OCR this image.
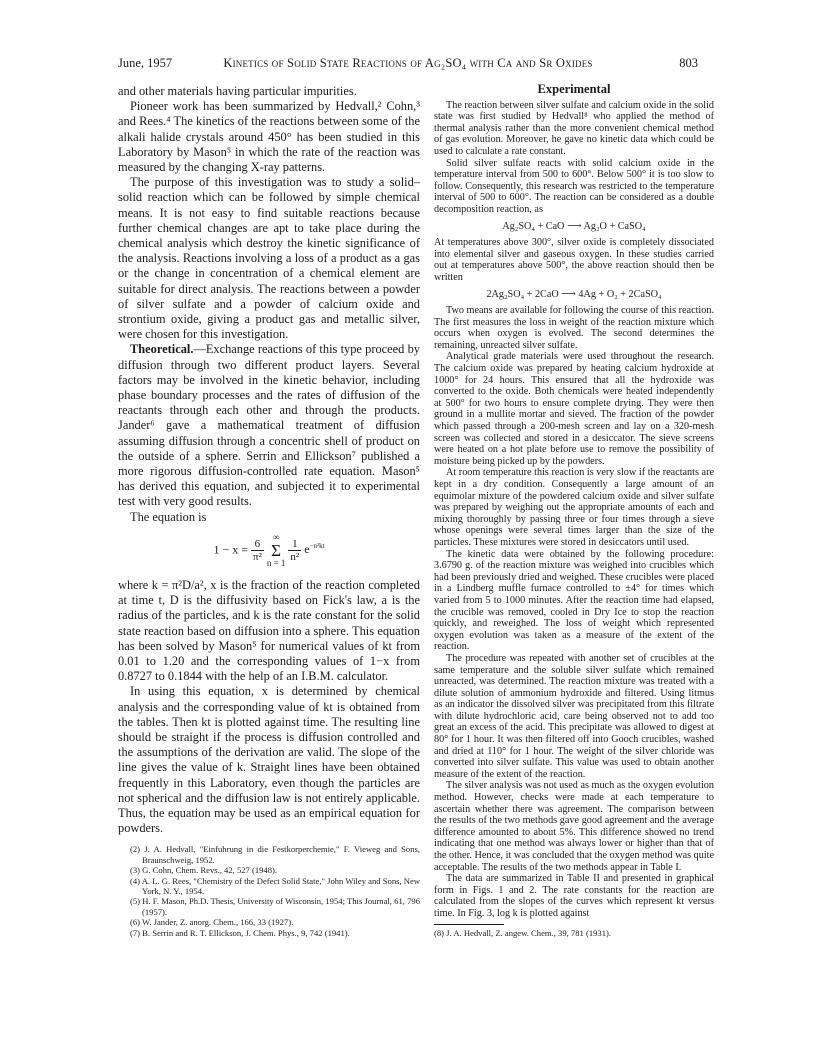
June, 1957	Kinetics of Solid State Reactions of Ag₂SO₄ with Ca and Sr Oxides	803

and other materials having particular impurities.

Pioneer work has been summarized by Hedvall,² Cohn,³ and Rees.⁴ The kinetics of the reactions between some of the alkali halide crystals around 450° has been studied in this Laboratory by Mason⁵ in which the rate of the reaction was measured by the changing X-ray patterns.

The purpose of this investigation was to study a solid–solid reaction which can be followed by simple chemical means. It is not easy to find suitable reactions because further chemical changes are apt to take place during the chemical analysis which destroy the kinetic significance of the analysis. Reactions involving a loss of a product as a gas or the change in concentration of a chemical element are suitable for direct analysis. The reactions between a powder of silver sulfate and a powder of calcium oxide and strontium oxide, giving a product gas and metallic silver, were chosen for this investigation.

Theoretical.—Exchange reactions of this type proceed by diffusion through two different product layers. Several factors may be involved in the kinetic behavior, including phase boundary processes and the rates of diffusion of the reactants through each other and through the products. Jander⁶ gave a mathematical treatment of diffusion assuming diffusion through a concentric shell of product on the outside of a sphere. Serrin and Ellickson⁷ published a more rigorous diffusion-controlled rate equation. Mason⁵ has derived this equation, and subjected it to experimental test with very good results.

The equation is

$1 - x = \frac{6}{\text{π²}}$

∞
Σ
n = 1
$\frac{1}{\text{n²}} e^{-n^2kt}$

where k = π²D/a², x is the fraction of the reaction completed at time t, D is the diffusivity based on Fick's law, a is the radius of the particles, and k is the rate constant for the solid state reaction based on diffusion into a sphere. This equation has been solved by Mason⁵ for numerical values of kt from 0.01 to 1.20 and the corresponding values of 1−x from 0.8727 to 0.1844 with the help of an I.B.M. calculator.

In using this equation, x is determined by chemical analysis and the corresponding value of kt is obtained from the tables. Then kt is plotted against time. The resulting line should be straight if the process is diffusion controlled and the assumptions of the derivation are valid. The slope of the line gives the value of k. Straight lines have been obtained frequently in this Laboratory, even though the particles are not spherical and the diffusion law is not entirely applicable. Thus, the equation may be used as an empirical equation for powders.

(2) J. A. Hedvall, "Einfuhrung in die Festkorperchemie," F. Vieweg and Sons, Braunschweig, 1952.
(3) G. Cohn, Chem. Revs., 42, 527 (1948).
(4) A. L. G. Rees, "Chemistry of the Defect Solid State," John Wiley and Sons, New York, N. Y., 1954.
(5) H. F. Mason, Ph.D. Thesis, University of Wisconsin, 1954; This Journal, 61, 796 (1957).
(6) W. Jander, Z. anorg. Chem., 166, 33 (1927).
(7) B. Serrin and R. T. Ellickson, J. Chem. Phys., 9, 742 (1941).
Experimental

The reaction between silver sulfate and calcium oxide in the solid state was first studied by Hedvall⁸ who applied the method of thermal analysis rather than the more convenient chemical method of gas evolution. Moreover, he gave no kinetic data which could be used to calculate a rate constant.

Solid silver sulfate reacts with solid calcium oxide in the temperature interval from 500 to 600°. Below 500° it is too slow to follow. Consequently, this research was restricted to the temperature interval of 500 to 600°. The reaction can be considered as a double decomposition reaction, as

Ag₂SO₄ + CaO ⟶ Ag₂O + CaSO₄

At temperatures above 300°, silver oxide is completely dissociated into elemental silver and gaseous oxygen. In these studies carried out at temperatures above 500°, the above reaction should then be written

2Ag₂SO₄ + 2CaO ⟶ 4Ag + O₂ + 2CaSO₄

Two means are available for following the course of this reaction. The first measures the loss in weight of the reaction mixture which occurs when oxygen is evolved. The second determines the remaining, unreacted silver sulfate.

Analytical grade materials were used throughout the research. The calcium oxide was prepared by heating calcium hydroxide at 1000° for 24 hours. This ensured that all the hydroxide was converted to the oxide. Both chemicals were heated independently at 500° for two hours to ensure complete drying. They were then ground in a mullite mortar and sieved. The fraction of the powder which passed through a 200-mesh screen and lay on a 320-mesh screen was collected and stored in a desiccator. The sieve screens were heated on a hot plate before use to remove the possibility of moisture being picked up by the powders.

At room temperature this reaction is very slow if the reactants are kept in a dry condition. Consequently a large amount of an equimolar mixture of the powdered calcium oxide and silver sulfate was prepared by weighing out the appropriate amounts of each and mixing thoroughly by passing three or four times through a sieve whose openings were several times larger than the size of the particles. These mixtures were stored in desiccators until used.

The kinetic data were obtained by the following procedure: 3.6790 g. of the reaction mixture was weighed into crucibles which had been previously dried and weighed. These crucibles were placed in a Lindberg muffle furnace controlled to ±4° for times which varied from 5 to 1000 minutes. After the reaction time had elapsed, the crucible was removed, cooled in Dry Ice to stop the reaction quickly, and reweighed. The loss of weight which represented oxygen evolution was taken as a measure of the extent of the reaction.

The procedure was repeated with another set of crucibles at the same temperature and the soluble silver sulfate which remained unreacted, was determined. The reaction mixture was treated with a dilute solution of ammonium hydroxide and filtered. Using litmus as an indicator the dissolved silver was precipitated from this filtrate with dilute hydrochloric acid, care being observed not to add too great an excess of the acid. This precipitate was allowed to digest at 80° for 1 hour. It was then filtered off into Gooch crucibles, washed and dried at 110° for 1 hour. The weight of the silver chloride was converted into silver sulfate. This value was used to obtain another measure of the extent of the reaction.

The silver analysis was not used as much as the oxygen evolution method. However, checks were made at each temperature to ascertain whether there was agreement. The comparison between the results of the two methods gave good agreement and the average difference amounted to about 5%. This difference showed no trend indicating that one method was always lower or higher than that of the other. Hence, it was concluded that the oxygen method was quite acceptable. The results of the two methods appear in Table I.

The data are summarized in Table II and presented in graphical form in Figs. 1 and 2. The rate constants for the reaction are calculated from the slopes of the curves which represent kt versus time. In Fig. 3, log k is plotted against

(8) J. A. Hedvall, Z. angew. Chem., 39, 781 (1931).
